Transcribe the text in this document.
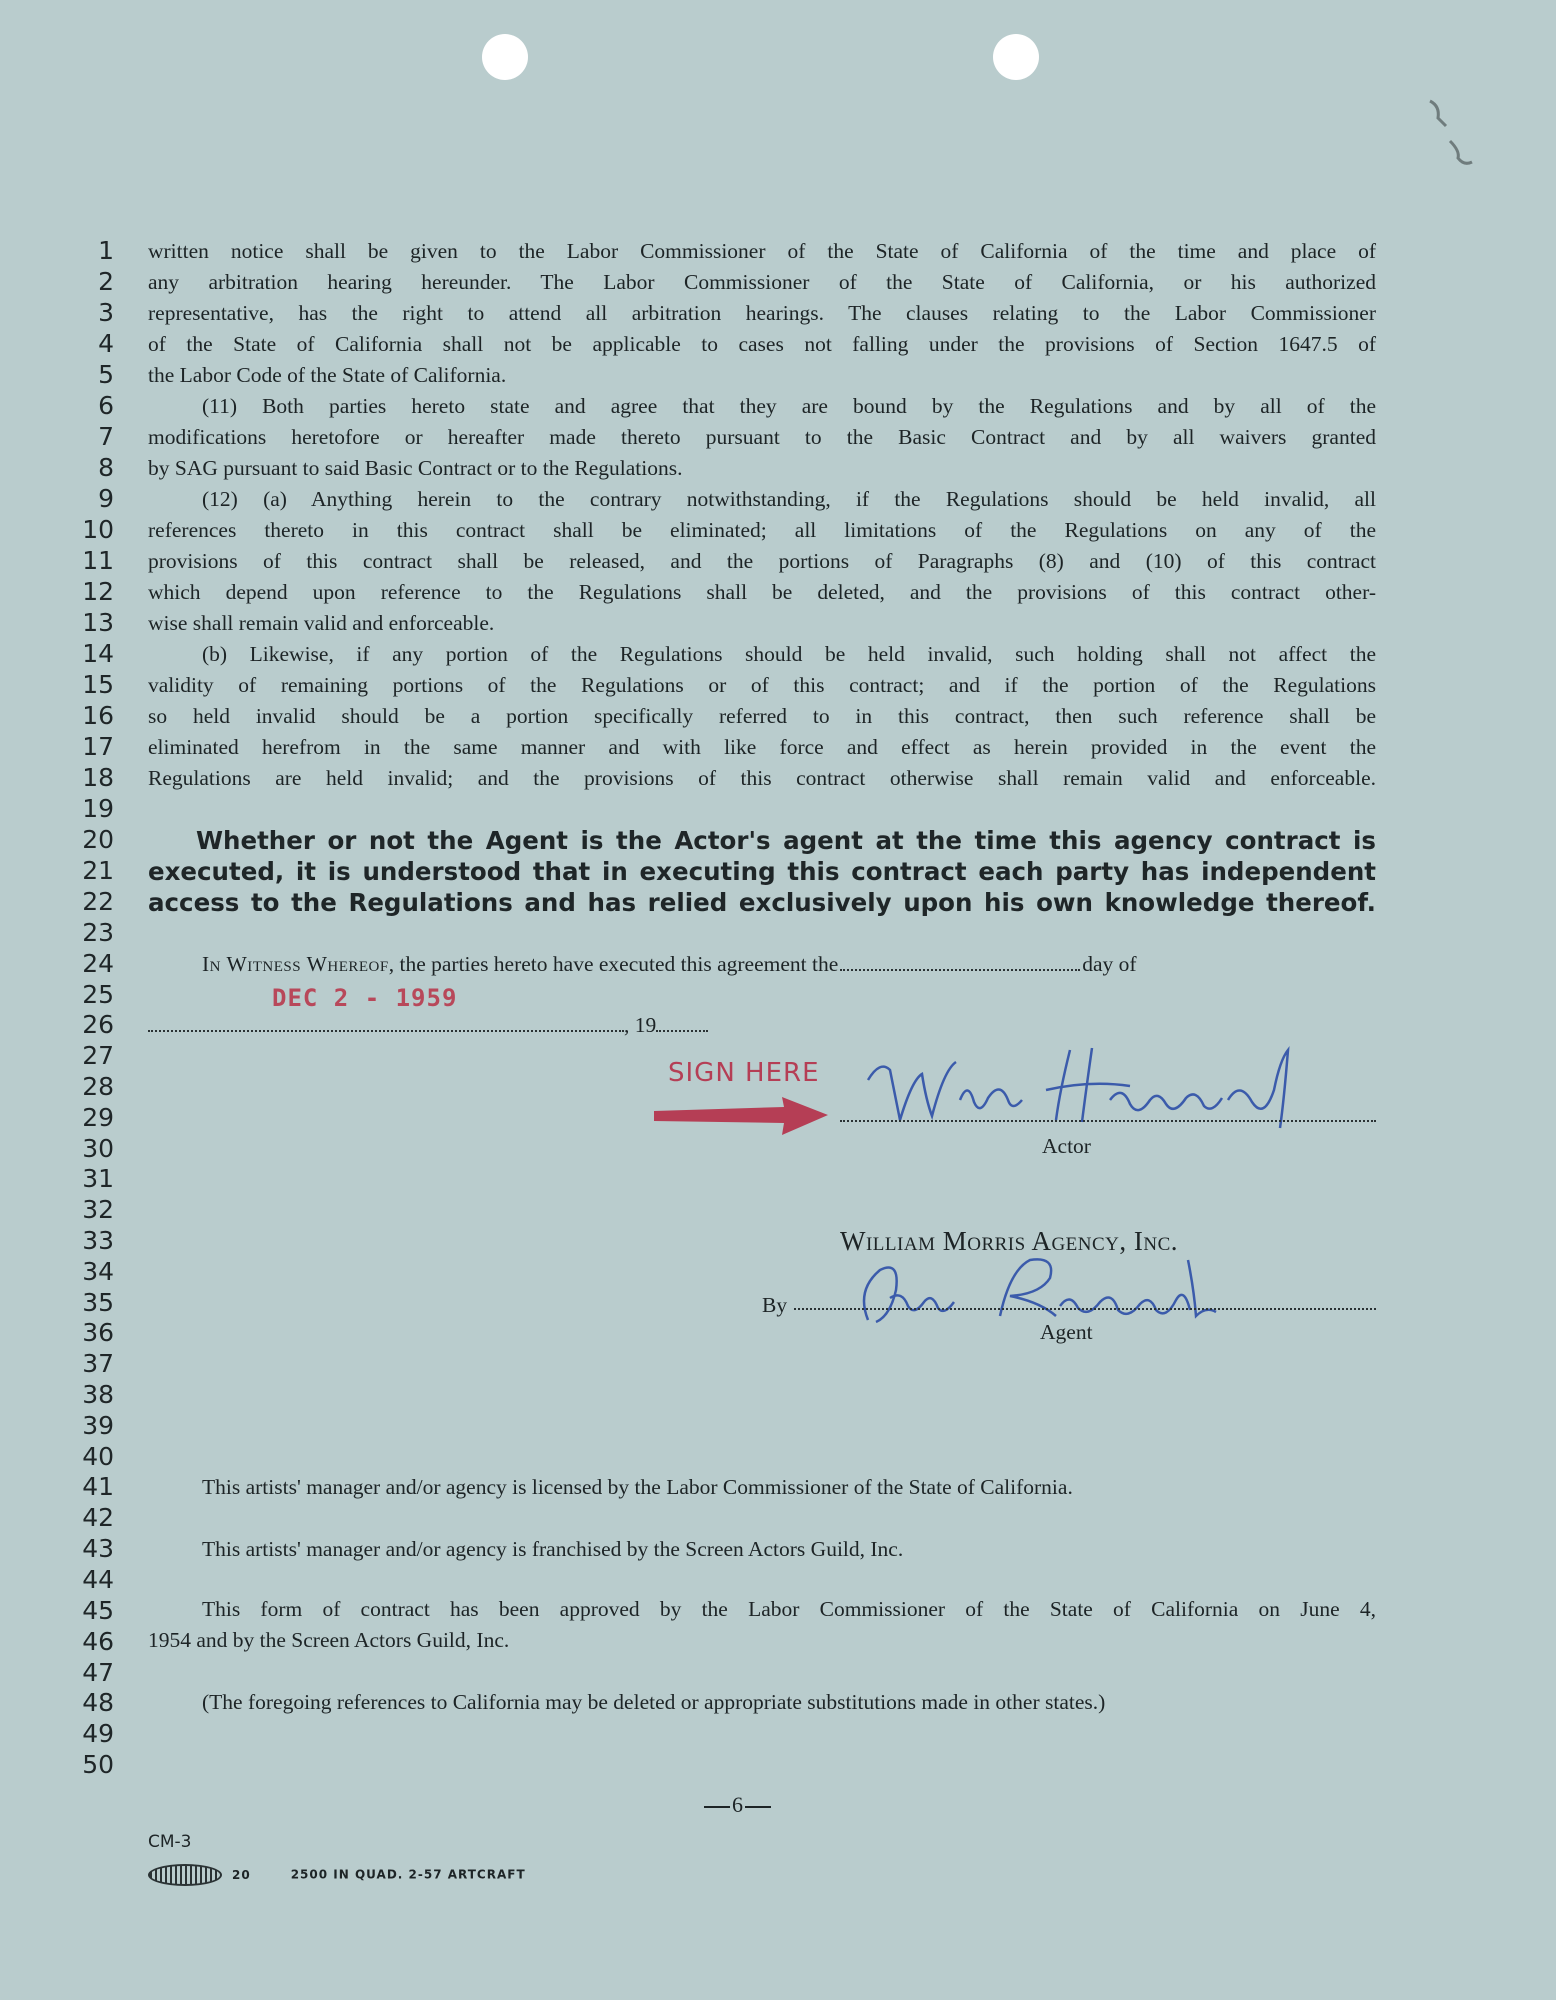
1
2
3
4
5
6
7
8
9
10
11
12
13
14
15
16
17
18
19
20
21
22
23
24
25
26
27
28
29
30
31
32
33
34
35
36
37
38
39
40
41
42
43
44
45
46
47
48
49
50
written notice shall be given to the Labor Commissioner of the State of California of the time and place of
any arbitration hearing hereunder. The Labor Commissioner of the State of California, or his authorized
representative, has the right to attend all arbitration hearings. The clauses relating to the Labor Commissioner
of the State of California shall not be applicable to cases not falling under the provisions of Section 1647.5 of
the Labor Code of the State of California.
(11) Both parties hereto state and agree that they are bound by the Regulations and by all of the
modifications heretofore or hereafter made thereto pursuant to the Basic Contract and by all waivers granted
by SAG pursuant to said Basic Contract or to the Regulations.
(12) (a) Anything herein to the contrary notwithstanding, if the Regulations should be held invalid, all
references thereto in this contract shall be eliminated; all limitations of the Regulations on any of the
provisions of this contract shall be released, and the portions of Paragraphs (8) and (10) of this contract
which depend upon reference to the Regulations shall be deleted, and the provisions of this contract other-
wise shall remain valid and enforceable.
(b) Likewise, if any portion of the Regulations should be held invalid, such holding shall not affect the
validity of remaining portions of the Regulations or of this contract; and if the portion of the Regulations
so held invalid should be a portion specifically referred to in this contract, then such reference shall be
eliminated herefrom in the same manner and with like force and effect as herein provided in the event the
Regulations are held invalid; and the provisions of this contract otherwise shall remain valid and enforceable.
Whether or not the Agent is the Actor's agent at the time this agency contract is
executed, it is understood that in executing this contract each party has independent
access to the Regulations and has relied exclusively upon his own knowledge thereof.
In Witness Whereof, the parties hereto have executed this agreement the	day of
DEC 2 - 1959
, 19
SIGN HERE
Actor
William Morris Agency, Inc.
By
Agent
This artists' manager and/or agency is licensed by the Labor Commissioner of the State of California.
This artists' manager and/or agency is franchised by the Screen Actors Guild, Inc.
This form of contract has been approved by the Labor Commissioner of the State of California on June 4,
1954 and by the Screen Actors Guild, Inc.
(The foregoing references to California may be deleted or appropriate substitutions made in other states.)
6
CM-3
20	2500 IN QUAD. 2-57 ARTCRAFT
